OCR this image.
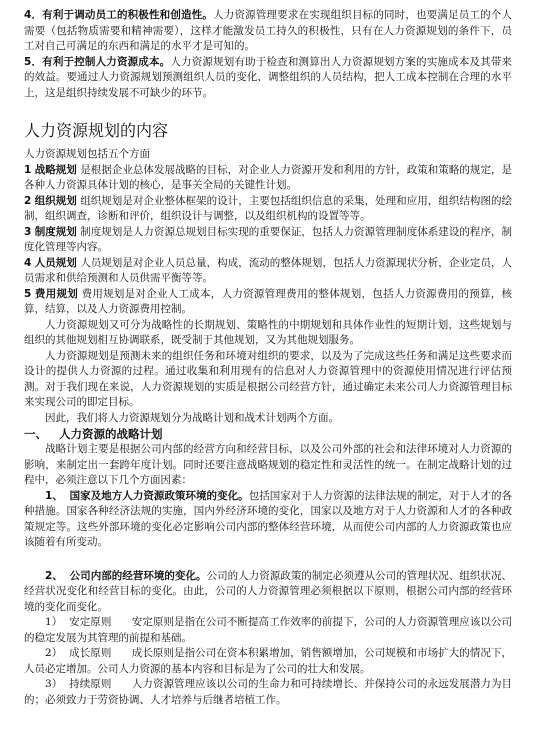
4．有利于调动员工的积极性和创造性。人力资源管理要求在实现组织目标的同时，也要满足员工的个人需要（包括物质需要和精神需要），这样才能激发员工持久的积极性，只有在人力资源规划的条件下，员工对自己可满足的东西和满足的水平才是可知的。

5．有利于控制人力资源成本。人力资源规划有助于检查和测算出人力资源规划方案的实施成本及其带来的效益。要通过人力资源规划预测组织人员的变化，调整组织的人员结构，把人工成本控制在合理的水平上，这是组织持续发展不可缺少的环节。

人力资源规划的内容

人力资源规划包括五个方面

1 战略规划 是根据企业总体发展战略的目标，对企业人力资源开发和利用的方针，政策和策略的规定，是各种人力资源具体计划的核心，是事关全局的关键性计划。

2 组织规划 组织规划是对企业整体框架的设计，主要包括组织信息的采集，处理和应用，组织结构图的绘制，组织调查，诊断和评价，组织设计与调整，以及组织机构的设置等等。

3 制度规划 制度规划是人力资源总规划目标实现的重要保证，包括人力资源管理制度体系建设的程序，制度化管理等内容。

4 人员规划 人员规划是对企业人员总量，构成，流动的整体规划，包括人力资源现状分析，企业定员，人员需求和供给预测和人员供需平衡等等。

5 费用规划 费用规划是对企业人工成本，人力资源管理费用的整体规划，包括人力资源费用的预算，核算，结算，以及人力资源费用控制。

人力资源规划又可分为战略性的长期规划、策略性的中期规划和具体作业性的短期计划，这些规划与组织的其他规划相互协调联系，既受制于其他规划，又为其他规划服务。

人力资源规划是预测未来的组织任务和环境对组织的要求，以及为了完成这些任务和满足这些要求而设计的提供人力资源的过程。通过收集和利用现有的信息对人力资源管理中的资源使用情况进行评估预测。对于我们现在来说，人力资源规划的实质是根据公司经营方针，通过确定未来公司人力资源管理目标来实现公司的即定目标。

因此，我们将人力资源规划分为战略计划和战术计划两个方面。

一、 人力资源的战略计划

战略计划主要是根据公司内部的经营方向和经营目标，以及公司外部的社会和法律环境对人力资源的影响，来制定出一套跨年度计划。同时还要注意战略规划的稳定性和灵活性的统一。在制定战略计划的过程中，必须注意以下几个方面因素：

1、 国家及地方人力资源政策环境的变化。包括国家对于人力资源的法律法规的制定，对于人才的各种措施。国家各种经济法规的实施，国内外经济环境的变化，国家以及地方对于人力资源和人才的各种政策规定等。这些外部环境的变化必定影响公司内部的整体经营环境，从而使公司内部的人力资源政策也应该随着有所变动。

2、 公司内部的经营环境的变化。公司的人力资源政策的制定必须遵从公司的管理状况、组织状况、经营状况变化和经营目标的变化。由此，公司的人力资源管理必须根据以下原则，根据公司内部的经营环境的变化而变化。

1） 安定原则 安定原则是指在公司不断提高工作效率的前提下，公司的人力资源管理应该以公司的稳定发展为其管理的前提和基础。

2） 成长原则 成长原则是指公司在资本积累增加，销售额增加，公司规模和市场扩大的情况下，人员必定增加。公司人力资源的基本内容和目标是为了公司的壮大和发展。

3） 持续原则 人力资源管理应该以公司的生命力和可持续增长、并保持公司的永远发展潜力为目的；必须致力于劳资协调、人才培养与后继者培植工作。
